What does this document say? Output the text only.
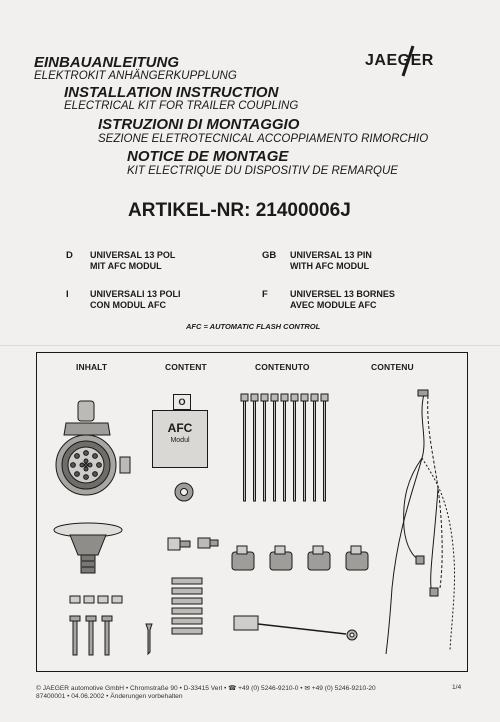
JAEGER
EINBAUANLEITUNG
ELEKTROKIT ANHÄNGERKUPPLUNG
INSTALLATION INSTRUCTION
ELECTRICAL KIT FOR TRAILER COUPLING
ISTRUZIONI DI MONTAGGIO
SEZIONE ELETROTECNICAL ACCOPPIAMENTO RIMORCHIO
NOTICE DE MONTAGE
KIT ELECTRIQUE DU DISPOSITIV DE REMARQUE
ARTIKEL-NR: 21400006J
D UNIVERSAL 13 POL
MIT AFC MODUL
GB UNIVERSAL 13 PIN
WITH AFC MODUL
I UNIVERSALI 13 POLI
CON MODUL AFC
F UNIVERSEL 13 BORNES
AVEC MODULE AFC
AFC = AUTOMATIC FLASH CONTROL
INHALT	CONTENT	CONTENUTO	CONTENU
AFC
Modul
O
© JAEGER automotive GmbH • Chromstraße 90 • D-33415 Verl • ☎ +49 (0) 5246-9210-0 • ✉ +49 (0) 5246-9210-20
87400001 • 04.06.2002 • Änderungen vorbehalten
1/4
